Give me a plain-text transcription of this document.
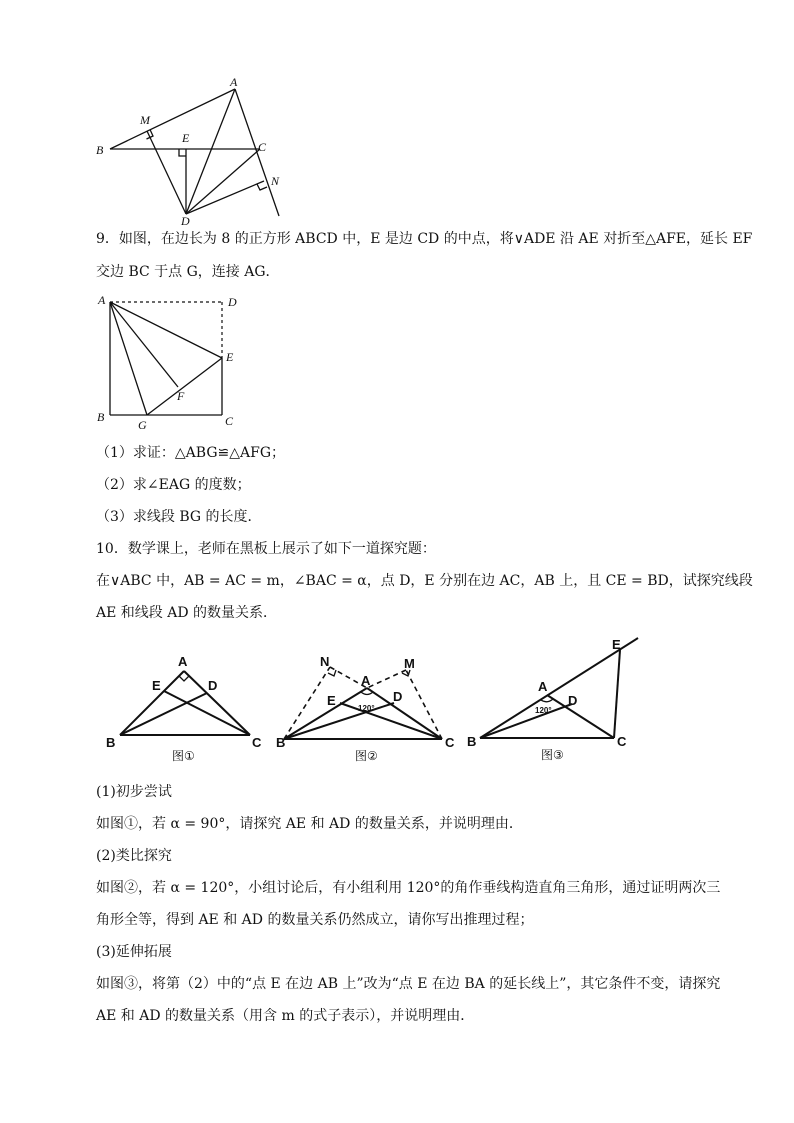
A
M
E
B	C
N
D
9．如图，在边长为 8 的正方形 ABCD 中，E 是边 CD 的中点，将∨ADE 沿 AE 对折至△AFE，延长 EF
交边 BC 于点 G，连接 AG．
A	D
E
F
B
G	C
（1）求证：△ABG≌△AFG；
（2）求∠EAG 的度数；
（3）求线段 BG 的长度．
10．数学课上，老师在黑板上展示了如下一道探究题：
在∨ABC 中，AB = AC = m，∠BAC = α，点 D，E 分别在边 AC，AB 上，且 CE = BD，试探究线段
AE 和线段 AD 的数量关系．
A
E	D
B	C
图①
N	M
A
E	D
120°
B	C
图②
E
A
D
120°
B	C
图③
(1)初步尝试
如图①，若 α = 90°，请探究 AE 和 AD 的数量关系，并说明理由．
(2)类比探究
如图②，若 α = 120°，小组讨论后，有小组利用 120°的角作垂线构造直角三角形，通过证明两次三
角形全等，得到 AE 和 AD 的数量关系仍然成立，请你写出推理过程；
(3)延伸拓展
如图③，将第（2）中的“点 E 在边 AB 上”改为“点 E 在边 BA 的延长线上”，其它条件不变，请探究
AE 和 AD 的数量关系（用含 m 的式子表示），并说明理由．
